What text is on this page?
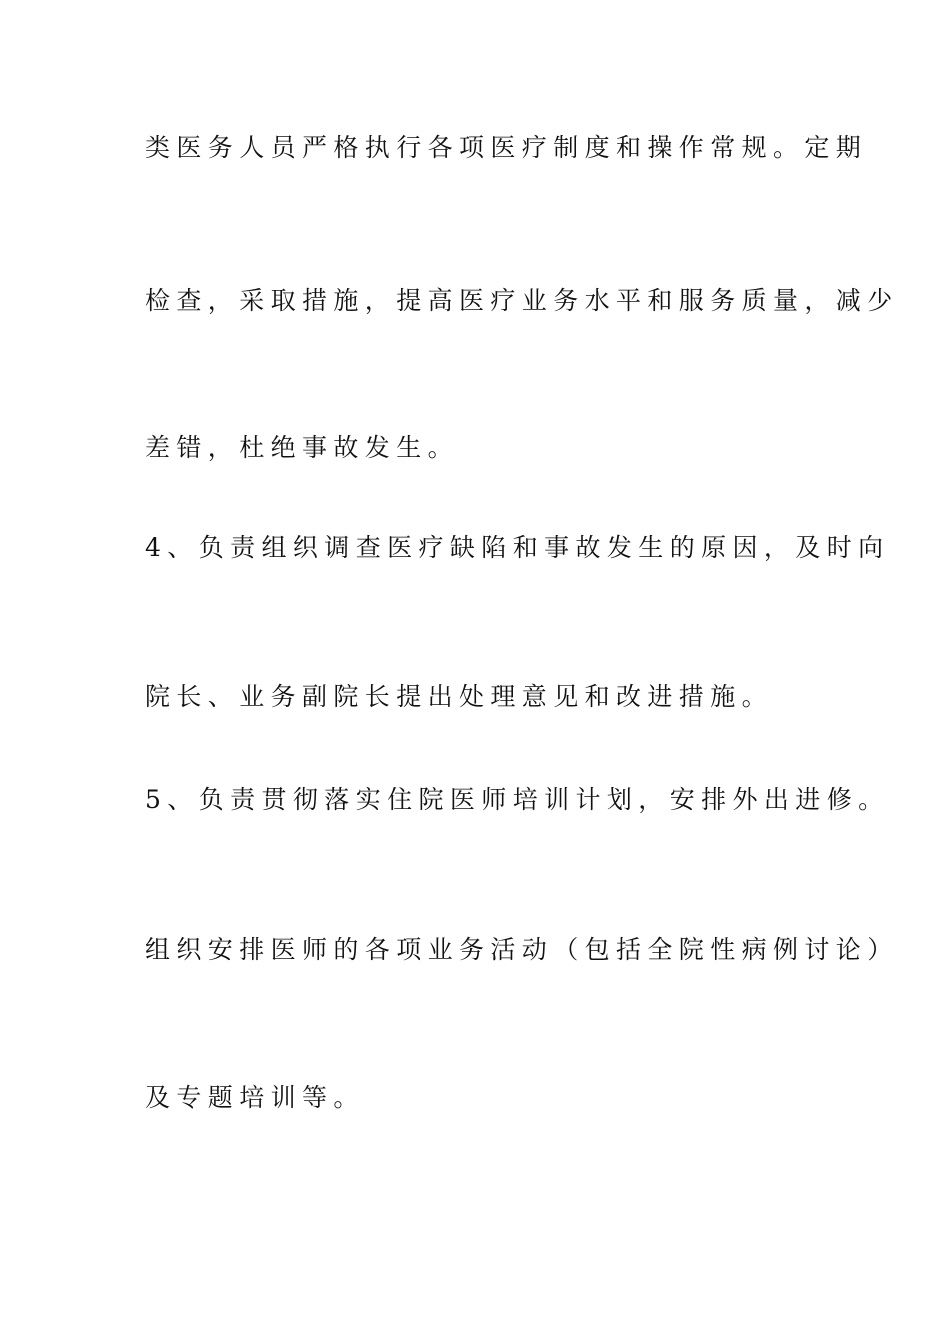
类医务人员严格执行各项医疗制度和操作常规。定期
检查，采取措施，提高医疗业务水平和服务质量，减少
差错，杜绝事故发生。
4、负责组织调查医疗缺陷和事故发生的原因，及时向
院长、业务副院长提出处理意见和改进措施。
5、负责贯彻落实住院医师培训计划，安排外出进修。
组织安排医师的各项业务活动（包括全院性病例讨论）
及专题培训等。
